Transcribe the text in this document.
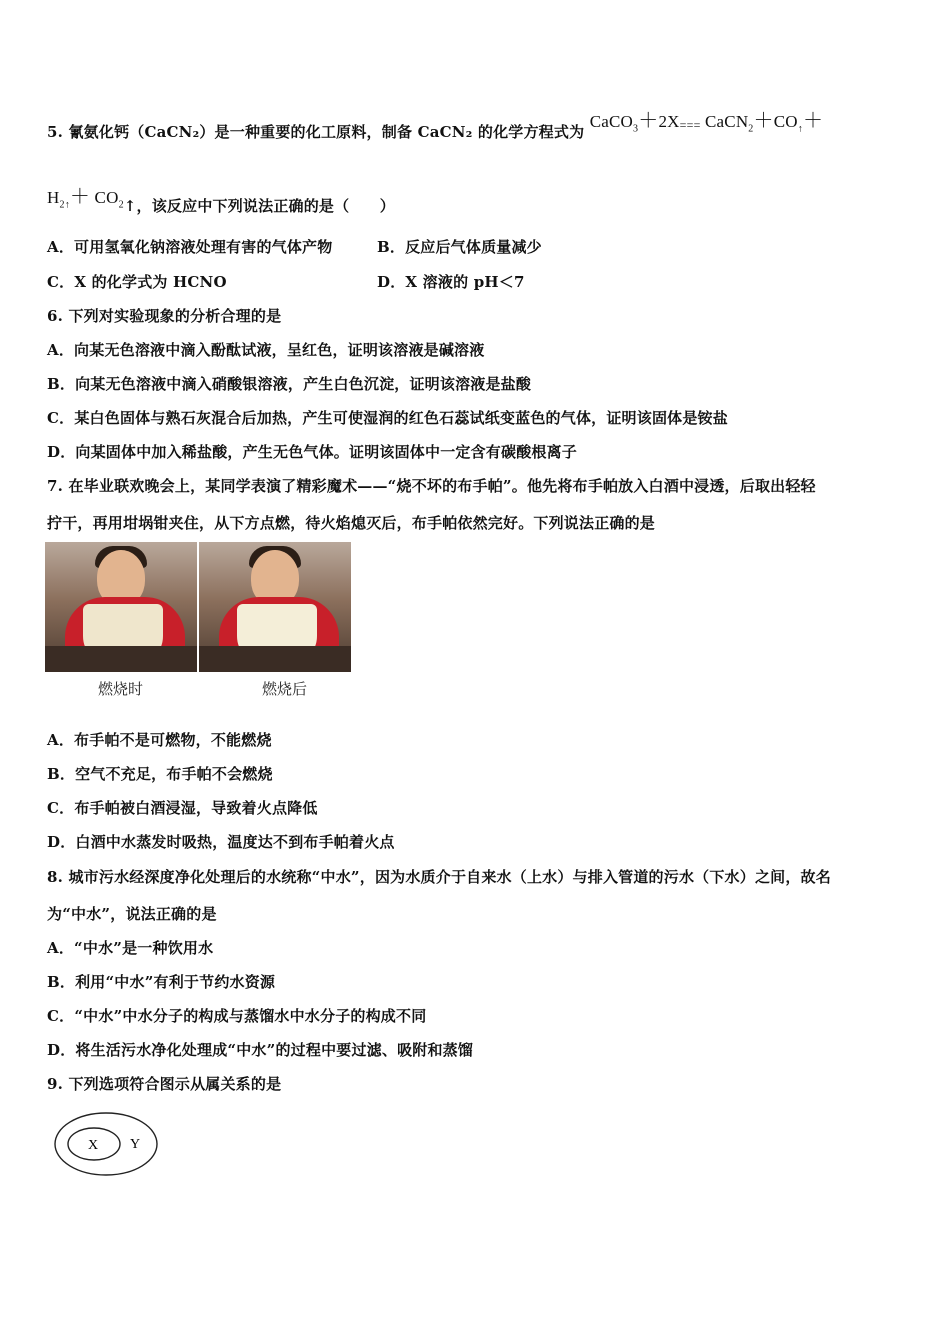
5. 氰氨化钙（CaCN₂）是一种重要的化工原料，制备 CaCN₂ 的化学方程式为 CaCO$_3$＋2X=== $CaCN_2+CO_↑+$
$H_{2↑}+$ $CO_2↑$，该反应中下列说法正确的是（　　）
A．可用氢氧化钠溶液处理有害的气体产物	B．反应后气体质量减少
C．X 的化学式为 HCNO	D．X 溶液的 pH＜7
6. 下列对实验现象的分析合理的是
A．向某无色溶液中滴入酚酞试液，呈红色，证明该溶液是碱溶液
B．向某无色溶液中滴入硝酸银溶液，产生白色沉淀，证明该溶液是盐酸
C．某白色固体与熟石灰混合后加热，产生可使湿润的红色石蕊试纸变蓝色的气体，证明该固体是铵盐
D．向某固体中加入稀盐酸，产生无色气体。证明该固体中一定含有碳酸根离子
7. 在毕业联欢晚会上，某同学表演了精彩魔术——“烧不坏的布手帕”。他先将布手帕放入白酒中浸透，后取出轻轻
拧干，再用坩埚钳夹住，从下方点燃，待火焰熄灭后，布手帕依然完好。下列说法正确的是
燃烧时	燃烧后
A．布手帕不是可燃物，不能燃烧
B．空气不充足，布手帕不会燃烧
C．布手帕被白酒浸湿，导致着火点降低
D．白酒中水蒸发时吸热，温度达不到布手帕着火点
8. 城市污水经深度净化处理后的水统称“中水”，因为水质介于自来水（上水）与排入管道的污水（下水）之间，故名
为“中水”，说法正确的是
A．“中水”是一种饮用水
B．利用“中水”有利于节约水资源
C．“中水”中水分子的构成与蒸馏水中水分子的构成不同
D．将生活污水净化处理成“中水”的过程中要过滤、吸附和蒸馏
9. 下列选项符合图示从属关系的是
X Y
